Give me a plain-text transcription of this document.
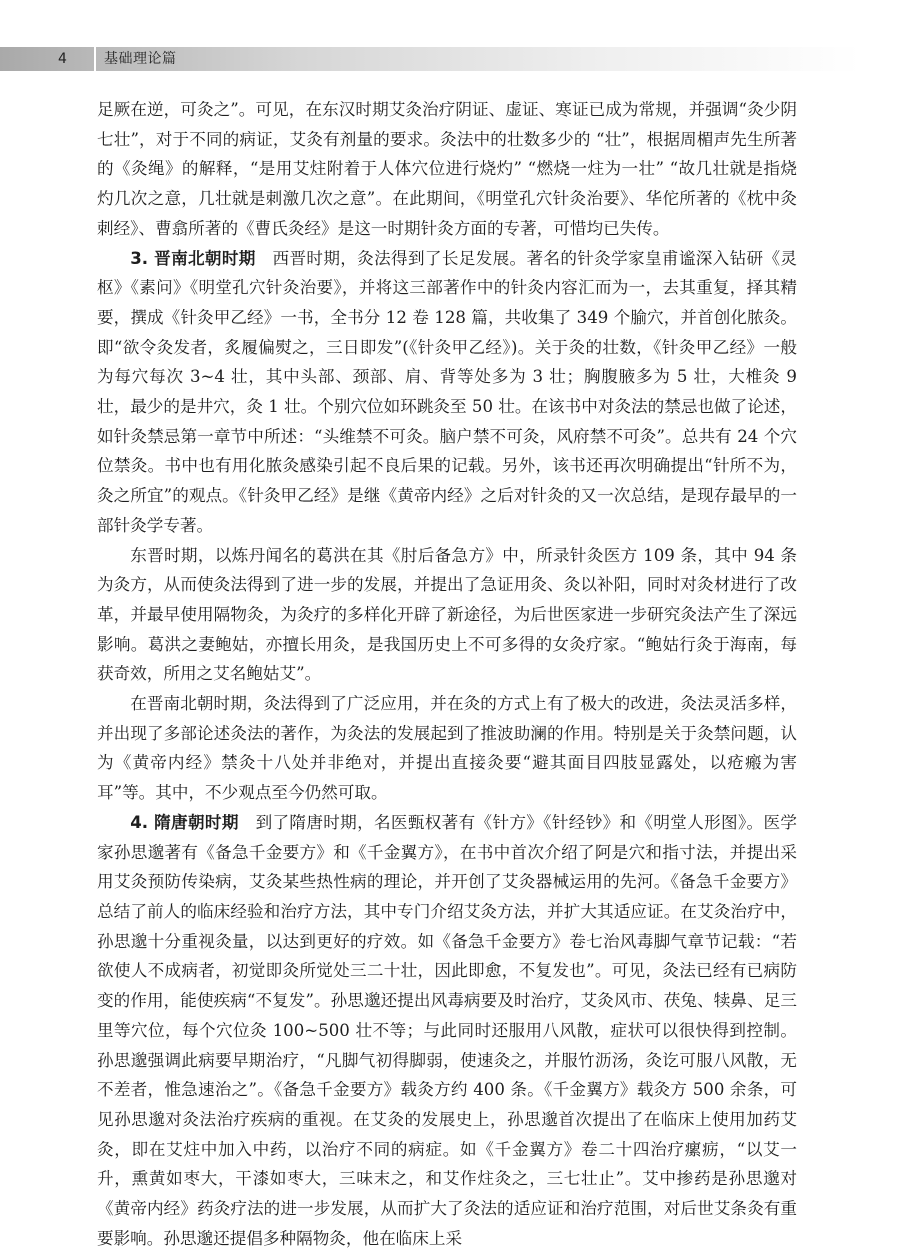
4	基础理论篇

足厥在逆，可灸之”。可见，在东汉时期艾灸治疗阴证、虚证、寒证已成为常规，并强调“灸少阴七壮”，对于不同的病证，艾灸有剂量的要求。灸法中的壮数多少的 “壮”，根据周楣声先生所著的《灸绳》的解释，“是用艾炷附着于人体穴位进行烧灼” “燃烧一炷为一壮” “故几壮就是指烧灼几次之意，几壮就是刺激几次之意”。在此期间，《明堂孔穴针灸治要》、华佗所著的《枕中灸刺经》、曹翕所著的《曹氏灸经》是这一时期针灸方面的专著，可惜均已失传。

3. 晋南北朝时期 西晋时期，灸法得到了长足发展。著名的针灸学家皇甫谧深入钻研《灵枢》《素问》《明堂孔穴针灸治要》，并将这三部著作中的针灸内容汇而为一，去其重复，择其精要，撰成《针灸甲乙经》一书，全书分 12 卷 128 篇，共收集了 349 个腧穴，并首创化脓灸。即“欲令灸发者，炙履偏熨之，三日即发”(《针灸甲乙经》)。关于灸的壮数，《针灸甲乙经》一般为每穴每次 3~4 壮，其中头部、颈部、肩、背等处多为 3 壮；胸腹腋多为 5 壮，大椎灸 9 壮，最少的是井穴，灸 1 壮。个别穴位如环跳灸至 50 壮。在该书中对灸法的禁忌也做了论述，如针灸禁忌第一章节中所述：“头维禁不可灸。脑户禁不可灸，风府禁不可灸”。总共有 24 个穴位禁灸。书中也有用化脓灸感染引起不良后果的记载。另外，该书还再次明确提出“针所不为，灸之所宜”的观点。《针灸甲乙经》是继《黄帝内经》之后对针灸的又一次总结，是现存最早的一部针灸学专著。

东晋时期，以炼丹闻名的葛洪在其《肘后备急方》中，所录针灸医方 109 条，其中 94 条为灸方，从而使灸法得到了进一步的发展，并提出了急证用灸、灸以补阳，同时对灸材进行了改革，并最早使用隔物灸，为灸疗的多样化开辟了新途径，为后世医家进一步研究灸法产生了深远影响。葛洪之妻鲍姑，亦擅长用灸，是我国历史上不可多得的女灸疗家。“鲍姑行灸于海南，每获奇效，所用之艾名鲍姑艾”。

在晋南北朝时期，灸法得到了广泛应用，并在灸的方式上有了极大的改进，灸法灵活多样，并出现了多部论述灸法的著作，为灸法的发展起到了推波助澜的作用。特别是关于灸禁问题，认为《黄帝内经》禁灸十八处并非绝对，并提出直接灸要“避其面目四肢显露处，以疮瘢为害耳”等。其中，不少观点至今仍然可取。

4. 隋唐朝时期 到了隋唐时期，名医甄权著有《针方》《针经钞》和《明堂人形图》。医学家孙思邈著有《备急千金要方》和《千金翼方》，在书中首次介绍了阿是穴和指寸法，并提出采用艾灸预防传染病，艾灸某些热性病的理论，并开创了艾灸器械运用的先河。《备急千金要方》总结了前人的临床经验和治疗方法，其中专门介绍艾灸方法，并扩大其适应证。在艾灸治疗中，孙思邈十分重视灸量，以达到更好的疗效。如《备急千金要方》卷七治风毒脚气章节记载：“若欲使人不成病者，初觉即灸所觉处三二十壮，因此即愈，不复发也”。可见，灸法已经有已病防变的作用，能使疾病“不复发”。孙思邈还提出风毒病要及时治疗，艾灸风市、茯兔、犊鼻、足三里等穴位，每个穴位灸 100~500 壮不等；与此同时还服用八风散，症状可以很快得到控制。孙思邈强调此病要早期治疗，“凡脚气初得脚弱，使速灸之，并服竹沥汤，灸讫可服八风散，无不差者，惟急速治之”。《备急千金要方》载灸方约 400 条。《千金翼方》载灸方 500 余条，可见孙思邈对灸法治疗疾病的重视。在艾灸的发展史上，孙思邈首次提出了在临床上使用加药艾灸，即在艾炷中加入中药，以治疗不同的病症。如《千金翼方》卷二十四治疗瘰疬，“以艾一升，熏黄如枣大，干漆如枣大，三味末之，和艾作炷灸之，三七壮止”。艾中掺药是孙思邈对《黄帝内经》药灸疗法的进一步发展，从而扩大了灸法的适应证和治疗范围，对后世艾条灸有重要影响。孙思邈还提倡多种隔物灸，他在临床上采
